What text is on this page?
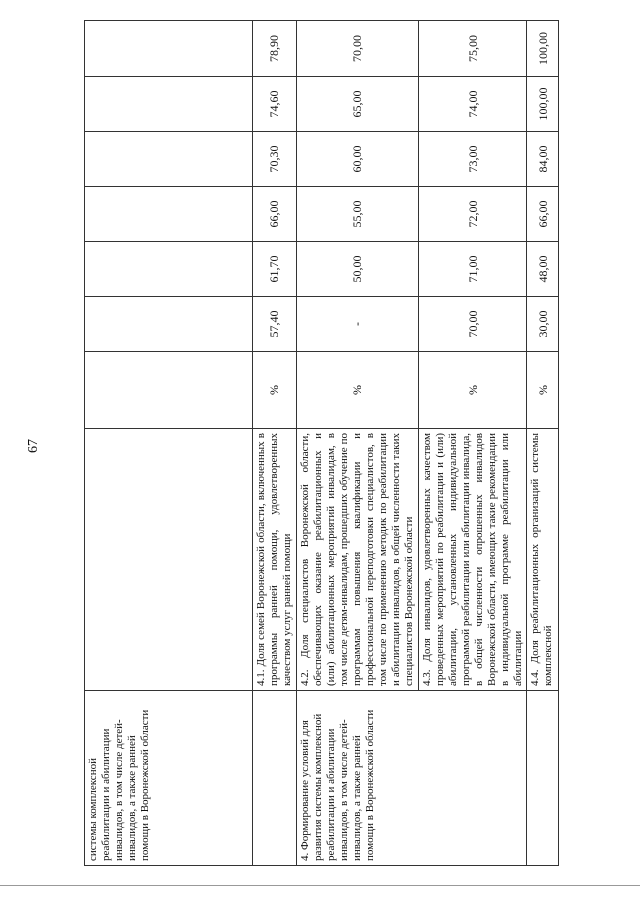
67
системы комплексной реабилитации и абилитации инвалидов, в том числе детей-инвалидов, а также ранней помощи в Воронежской области								
	4.1. Доля семей Воронежской области, включенных в программы ранней помощи, удовлетворенных качеством услуг ранней помощи	%	57,40	61,70	66,00	70,30	74,60	78,90
4. Формирование условий для развития системы комплексной реабилитации и абилитации инвалидов, в том числе детей-инвалидов, а также ранней помощи в Воронежской области	4.2. Доля специалистов Воронежской области, обеспечивающих оказание реабилитационных и (или) абилитационных мероприятий инвалидам, в том числе детям-инвалидам, прошедших обучение по программам повышения квалификации и профессиональной переподготовки специалистов, в том числе по применению методик по реабилитации и абилитации инвалидов, в общей численности таких специалистов Воронежской области	%	-	50,00	55,00	60,00	65,00	70,00
	4.3. Доля инвалидов, удовлетворенных качеством проведенных мероприятий по реабилитации и (или) абилитации, установленных индивидуальной программой реабилитации или абилитации инвалида, в общей численности опрошенных инвалидов Воронежской области, имеющих такие рекомендации в индивидуальной программе реабилитации или абилитации	%	70,00	71,00	72,00	73,00	74,00	75,00
	4.4. Доля реабилитационных организаций системы комплексной	%	30,00	48,00	66,00	84,00	100,00	100,00
